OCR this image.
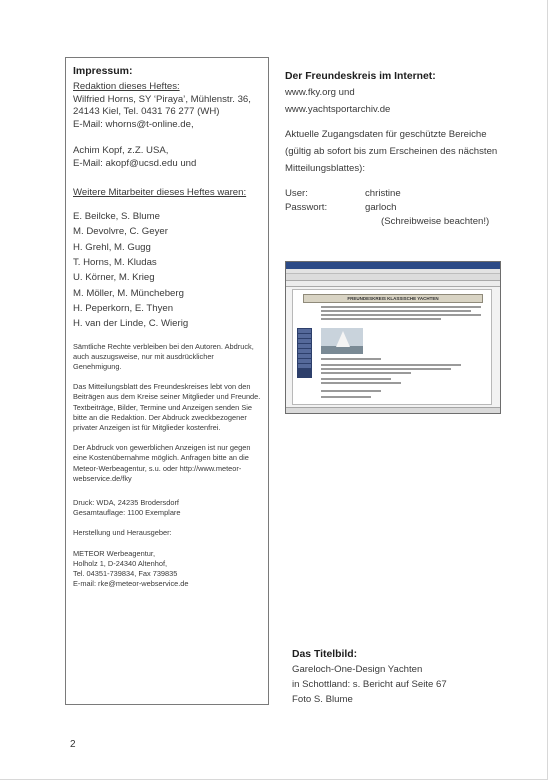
Impressum:
Redaktion dieses Heftes:
Wilfried Horns, SY ‘Piraya’, Mühlenstr. 36,
24143 Kiel, Tel. 0431 76 277 (WH)
E-Mail: whorns@t-online.de,
Achim Kopf, z.Z. USA,
E-Mail: akopf@ucsd.edu und
Weitere Mitarbeiter dieses Heftes waren:
E. Beilcke, S. Blume
M. Devolvre, C. Geyer
H. Grehl, M. Gugg
T. Horns, M. Kludas
U. Körner, M. Krieg
M. Möller, M. Müncheberg
H. Peperkorn, E. Thyen
H. van der Linde, C. Wierig

Sämtliche Rechte verbleiben bei den Autoren. Abdruck, auch auszugsweise, nur mit ausdrücklicher Genehmigung.

Das Mitteilungsblatt des Freundeskreises lebt von den Beiträgen aus dem Kreise seiner Mitglieder und Freunde. Textbeiträge, Bilder, Termine und Anzeigen senden Sie bitte an die Redaktion. Der Abdruck zweckbezogener privater Anzeigen ist für Mitglieder kostenfrei.

Der Abdruck von gewerblichen Anzeigen ist nur gegen eine Kostenübernahme möglich. Anfragen bitte an die Meteor-Werbeagentur, s.u. oder http://www.meteor-webservice.de/fky

Druck: WDA, 24235 Brodersdorf
Gesamtauflage: 1100 Exemplare
Herstellung und Herausgeber:
METEOR Werbeagentur,
Holholz 1, D-24340 Altenhof,
Tel. 04351-739834, Fax 739835
E-mail: rke@meteor-webservice.de
Der Freundeskreis im Internet:
www.fky.org und
www.yachtsportarchiv.de
Aktuelle Zugangsdaten für geschützte Bereiche (gültig ab sofort bis zum Erscheinen des nächsten Mitteilungsblattes):
User:	christine
Passwort:	garloch
(Schreibweise beachten!)
FREUNDESKREIS KLASSISCHE YACHTEN
Das Titelbild:
Gareloch-One-Design Yachten
in Schottland: s. Bericht auf Seite 67
Foto S. Blume
2
